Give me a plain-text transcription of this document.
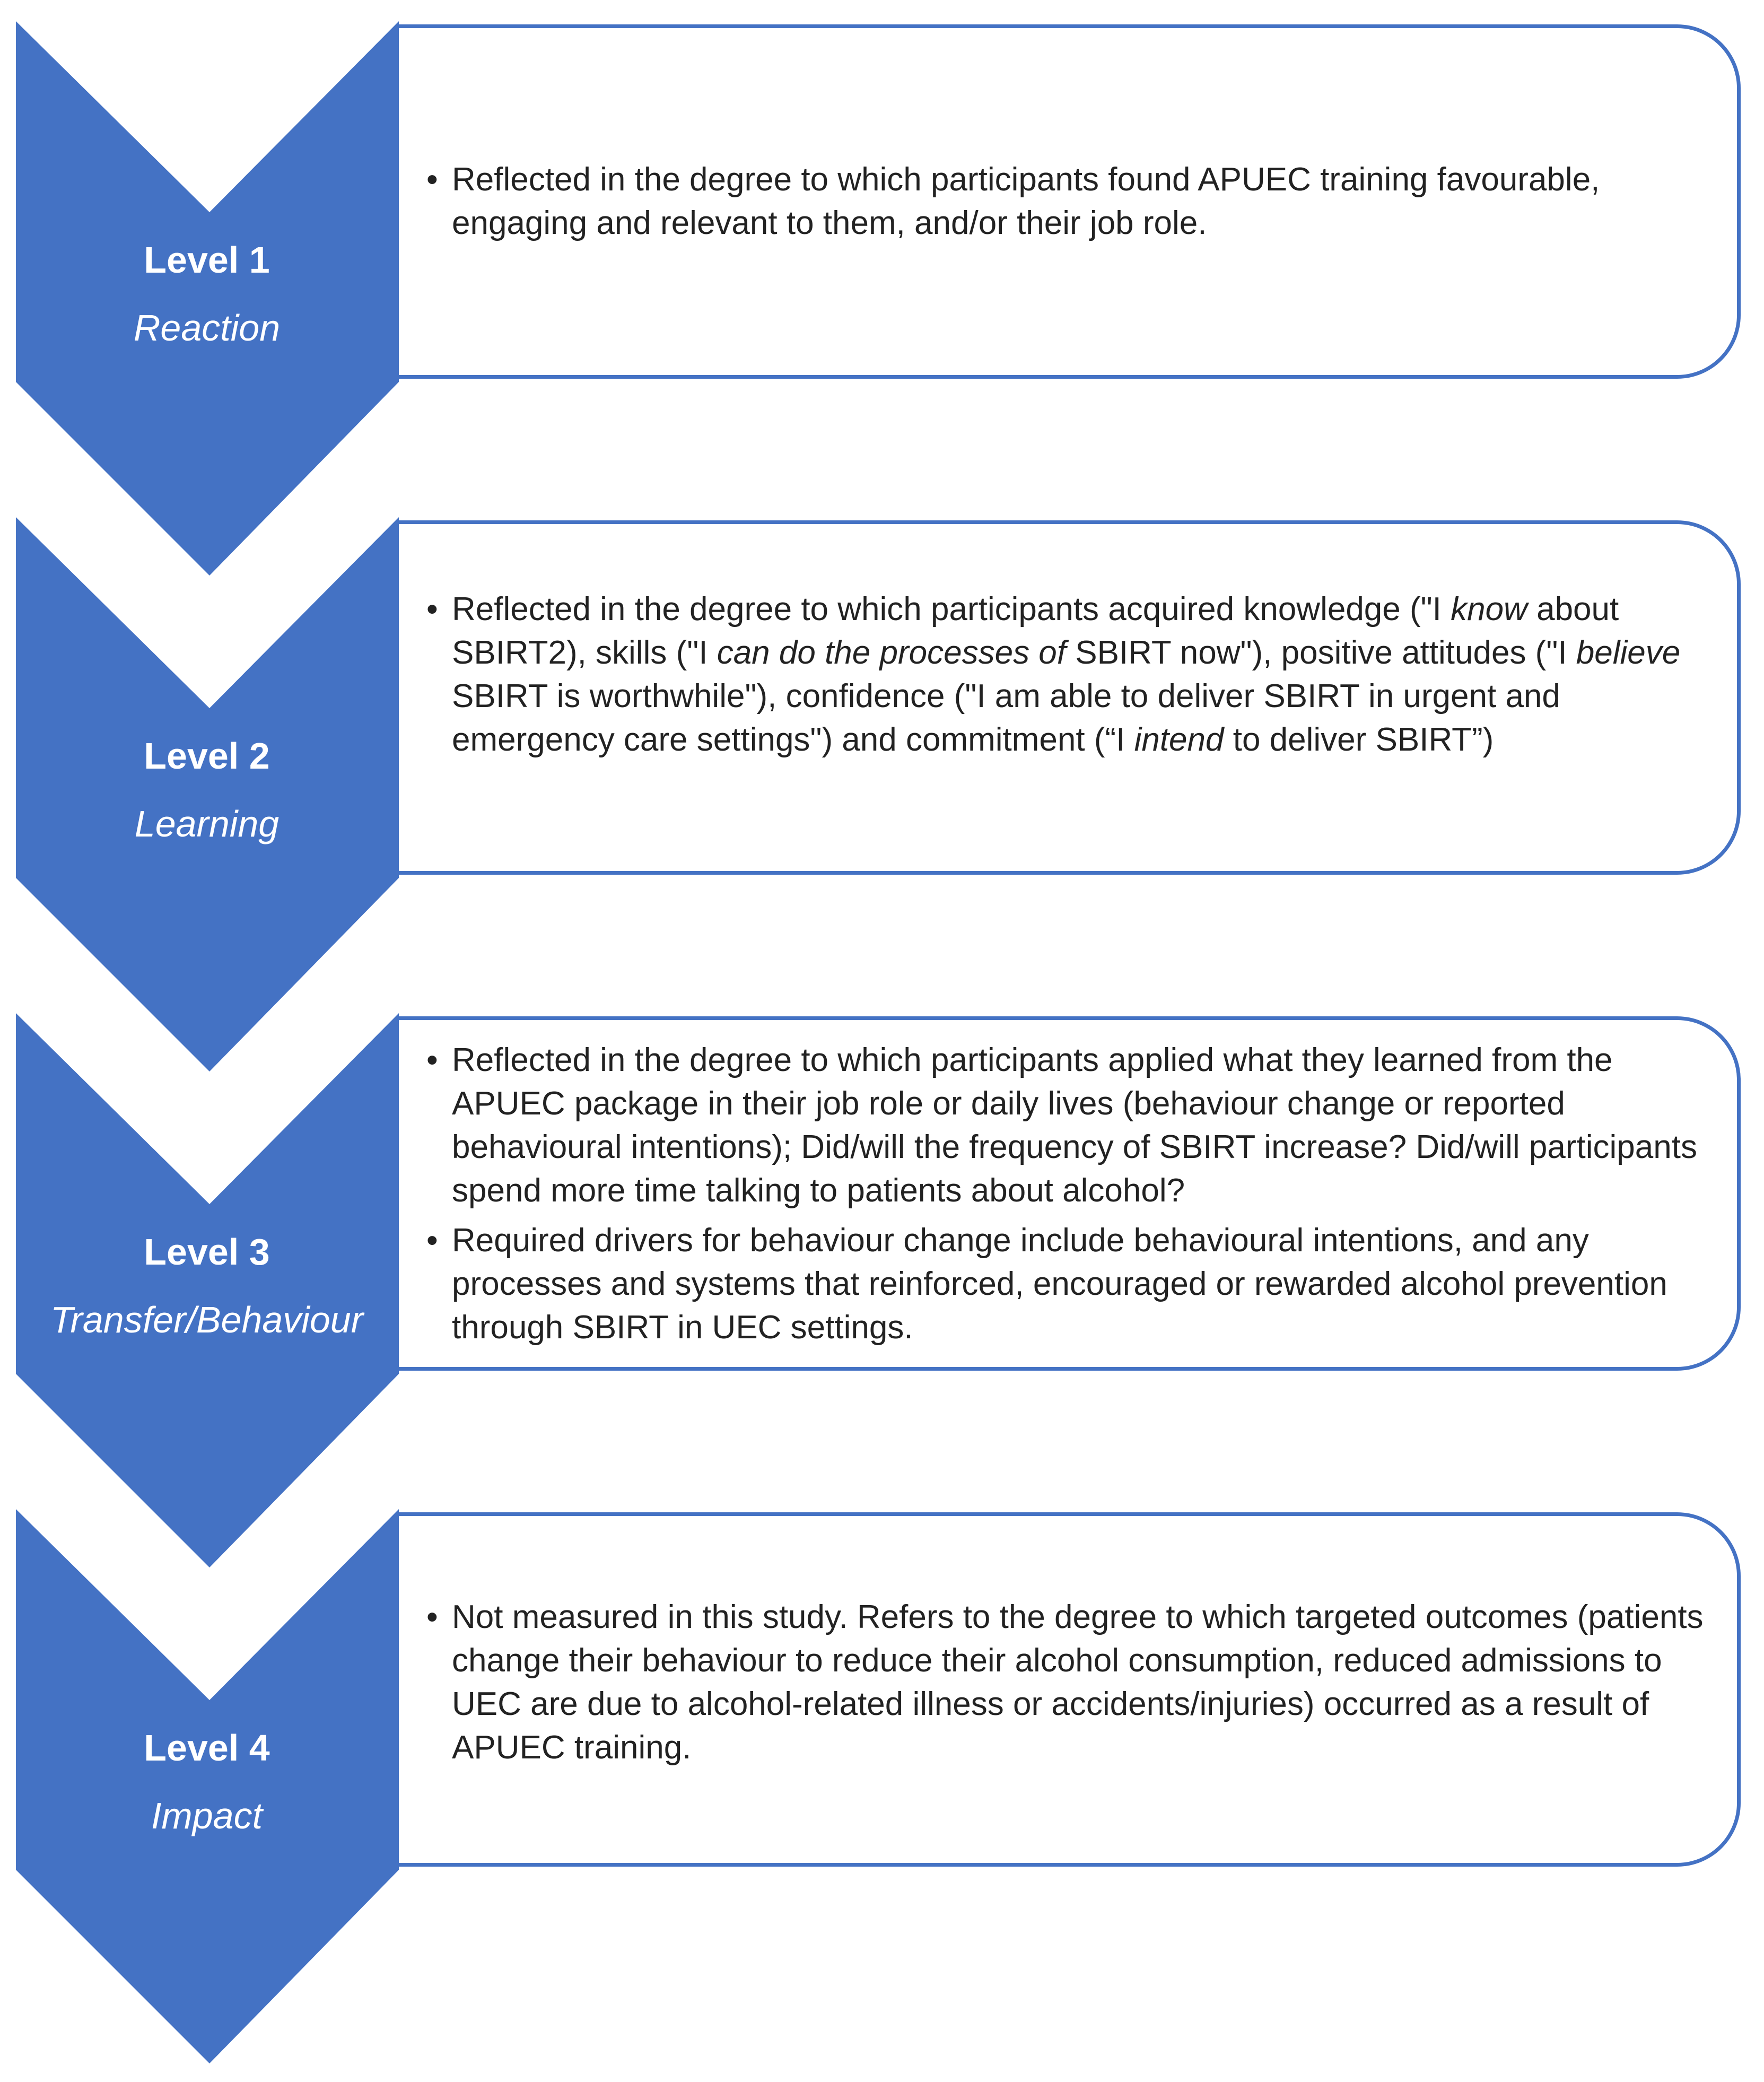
Level 1
Reaction
• Reflected in the degree to which participants found APUEC training favourable, engaging and relevant to them, and/or their job role.
Level 2
Learning
• Reflected in the degree to which participants acquired knowledge ("I know about SBIRT2), skills ("I can do the processes of SBIRT now"), positive attitudes ("I believe SBIRT is worthwhile"), confidence ("I am able to deliver SBIRT in urgent and emergency care settings") and commitment (“I intend to deliver SBIRT”)
Level 3
Transfer/Behaviour
• Reflected in the degree to which participants applied what they learned from the APUEC package in their job role or daily lives (behaviour change or reported behavioural intentions); Did/will the frequency of SBIRT increase? Did/will participants spend more time talking to patients about alcohol?
• Required drivers for behaviour change include behavioural intentions, and any processes and systems that reinforced, encouraged or rewarded alcohol prevention through SBIRT in UEC settings.
Level 4
Impact
• Not measured in this study. Refers to the degree to which targeted outcomes (patients change their behaviour to reduce their alcohol consumption, reduced admissions to UEC are due to alcohol-related illness or accidents/injuries) occurred as a result of APUEC training.
